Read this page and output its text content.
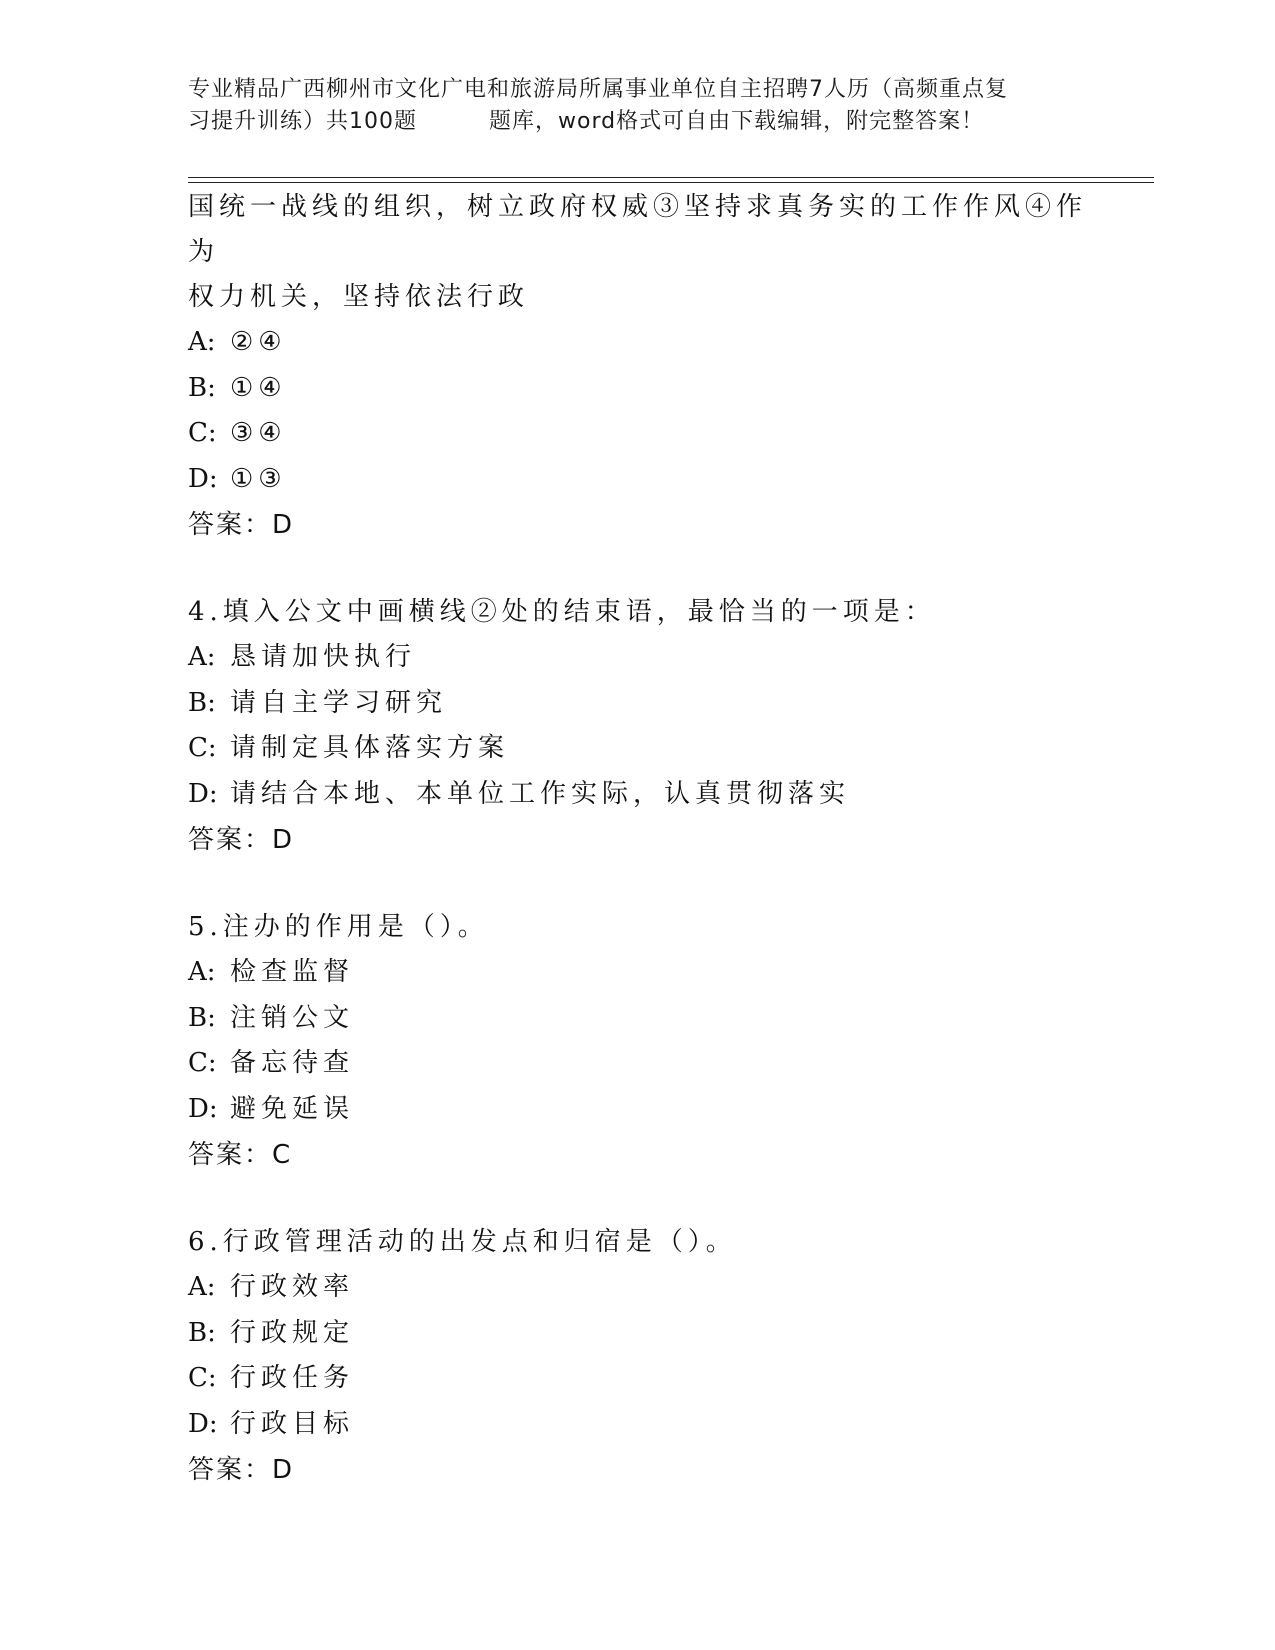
专业精品广西柳州市文化广电和旅游局所属事业单位自主招聘7人历（高频重点复
习提升训练）共100题	题库，word格式可自由下载编辑，附完整答案！

国统一战线的组织，树立政府权威③坚持求真务实的工作作风④作为

权力机关，坚持依法行政

A: ②④

B: ①④

C: ③④

D: ①③

答案：D

4.填入公文中画横线②处的结束语，最恰当的一项是：

A: 恳请加快执行

B: 请自主学习研究

C: 请制定具体落实方案

D: 请结合本地、本单位工作实际，认真贯彻落实

答案：D

5.注办的作用是（）。

A: 检查监督

B: 注销公文

C: 备忘待查

D: 避免延误

答案：C

6.行政管理活动的出发点和归宿是（）。

A: 行政效率

B: 行政规定

C: 行政任务

D: 行政目标

答案：D
